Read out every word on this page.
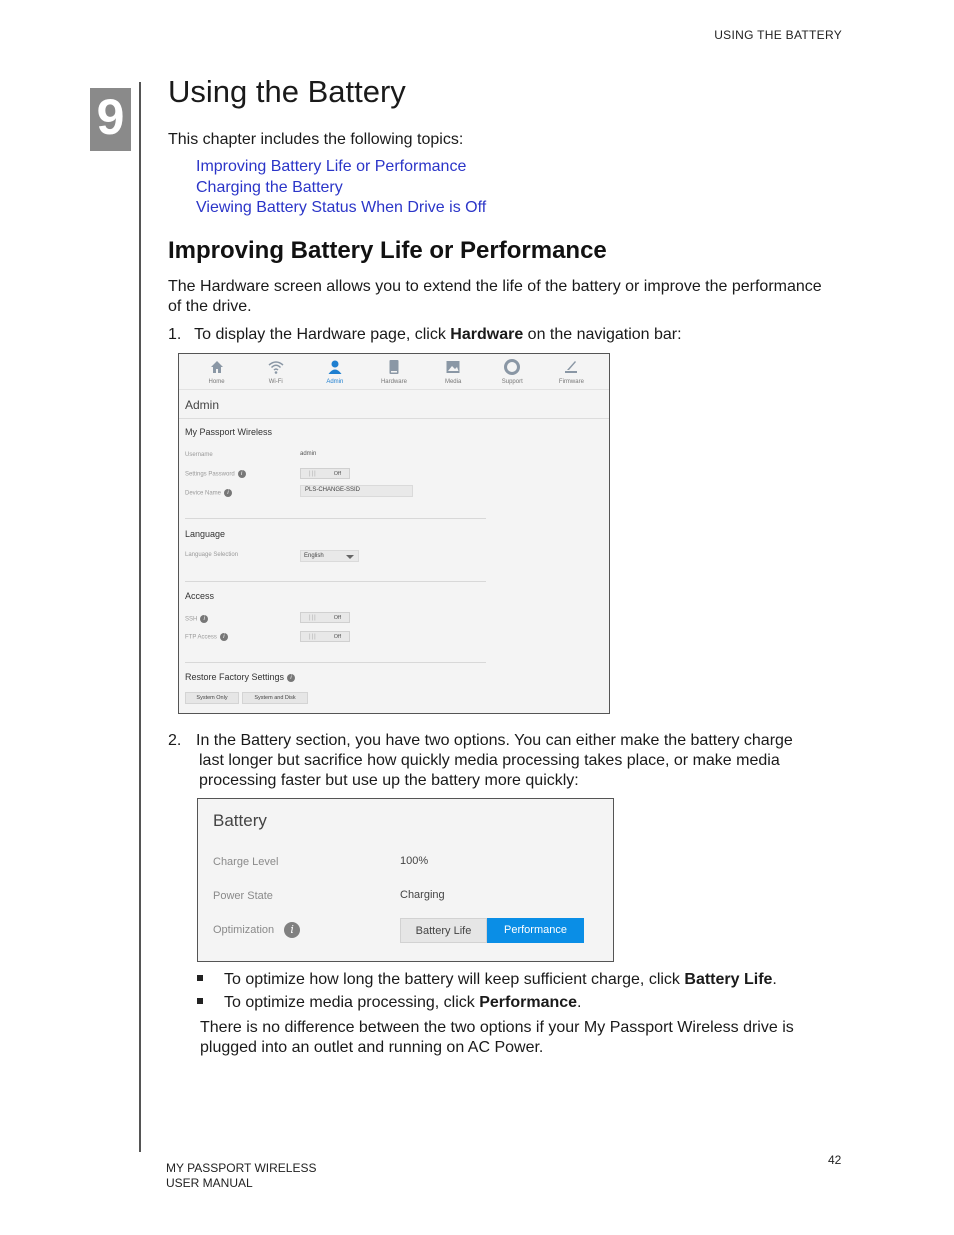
USING THE BATTERY
9 Using the Battery
This chapter includes the following topics:
Improving Battery Life or Performance
Charging the Battery
Viewing Battery Status When Drive is Off
Improving Battery Life or Performance
The Hardware screen allows you to extend the life of the battery or improve the performance
of the drive.
1. To display the Hardware page, click Hardware on the navigation bar:
Home	Wi-Fi	Admin	Hardware	Media	Support	Firmware
Admin
My Passport Wireless
Username	admin
Settings Password i	|||	Off
Device Name i	PLS-CHANGE-SSID
Language
Language Selection	English
Access
SSH i	|||	Off
FTP Access i	|||	Off
Restore Factory Settings i
System Only	System and Disk
2. In the Battery section, you have two options. You can either make the battery charge
last longer but sacrifice how quickly media processing takes place, or make media
processing faster but use up the battery more quickly:
Battery
Charge Level	100%
Power State	Charging
Optimization i	Battery Life	Performance
To optimize how long the battery will keep sufficient charge, click Battery Life.
To optimize media processing, click Performance.
There is no difference between the two options if your My Passport Wireless drive is
plugged into an outlet and running on AC Power.
MY PASSPORT WIRELESS
USER MANUAL
42
